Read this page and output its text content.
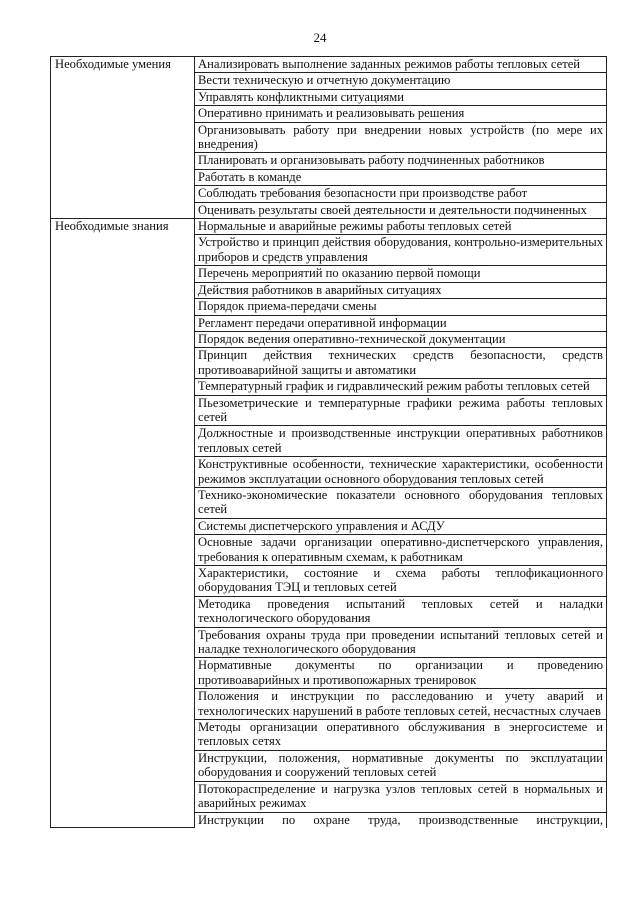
24
Необходимые умения	Анализировать выполнение заданных режимов работы тепловых сетей
	Вести техническую и отчетную документацию
	Управлять конфликтными ситуациями
	Оперативно принимать и реализовывать решения
	Организовывать работу при внедрении новых устройств (по мере их внедрения)
	Планировать и организовывать работу подчиненных работников
	Работать в команде
	Соблюдать требования безопасности при производстве работ
	Оценивать результаты своей деятельности и деятельности подчиненных
Необходимые знания	Нормальные и аварийные режимы работы тепловых сетей
	Устройство и принцип действия оборудования, контрольно-измерительных приборов и средств управления
	Перечень мероприятий по оказанию первой помощи
	Действия работников в аварийных ситуациях
	Порядок приема-передачи смены
	Регламент передачи оперативной информации
	Порядок ведения оперативно-технической документации
	Принцип действия технических средств безопасности, средств противоаварийной защиты и автоматики
	Температурный график и гидравлический режим работы тепловых сетей
	Пьезометрические и температурные графики режима работы тепловых сетей
	Должностные и производственные инструкции оперативных работников тепловых сетей
	Конструктивные особенности, технические характеристики, особенности режимов эксплуатации основного оборудования тепловых сетей
	Технико-экономические показатели основного оборудования тепловых сетей
	Системы диспетчерского управления и АСДУ
	Основные задачи организации оперативно-диспетчерского управления, требования к оперативным схемам, к работникам
	Характеристики, состояние и схема работы теплофикационного оборудования ТЭЦ и тепловых сетей
	Методика проведения испытаний тепловых сетей и наладки технологического оборудования
	Требования охраны труда при проведении испытаний тепловых сетей и наладке технологического оборудования
	Нормативные документы по организации и проведению противоаварийных и противопожарных тренировок
	Положения и инструкции по расследованию и учету аварий и технологических нарушений в работе тепловых сетей, несчастных случаев
	Методы организации оперативного обслуживания в энергосистеме и тепловых сетях
	Инструкции, положения, нормативные документы по эксплуатации оборудования и сооружений тепловых сетей
	Потокораспределение и нагрузка узлов тепловых сетей в нормальных и аварийных режимах
	Инструкции по охране труда, производственные инструкции,
